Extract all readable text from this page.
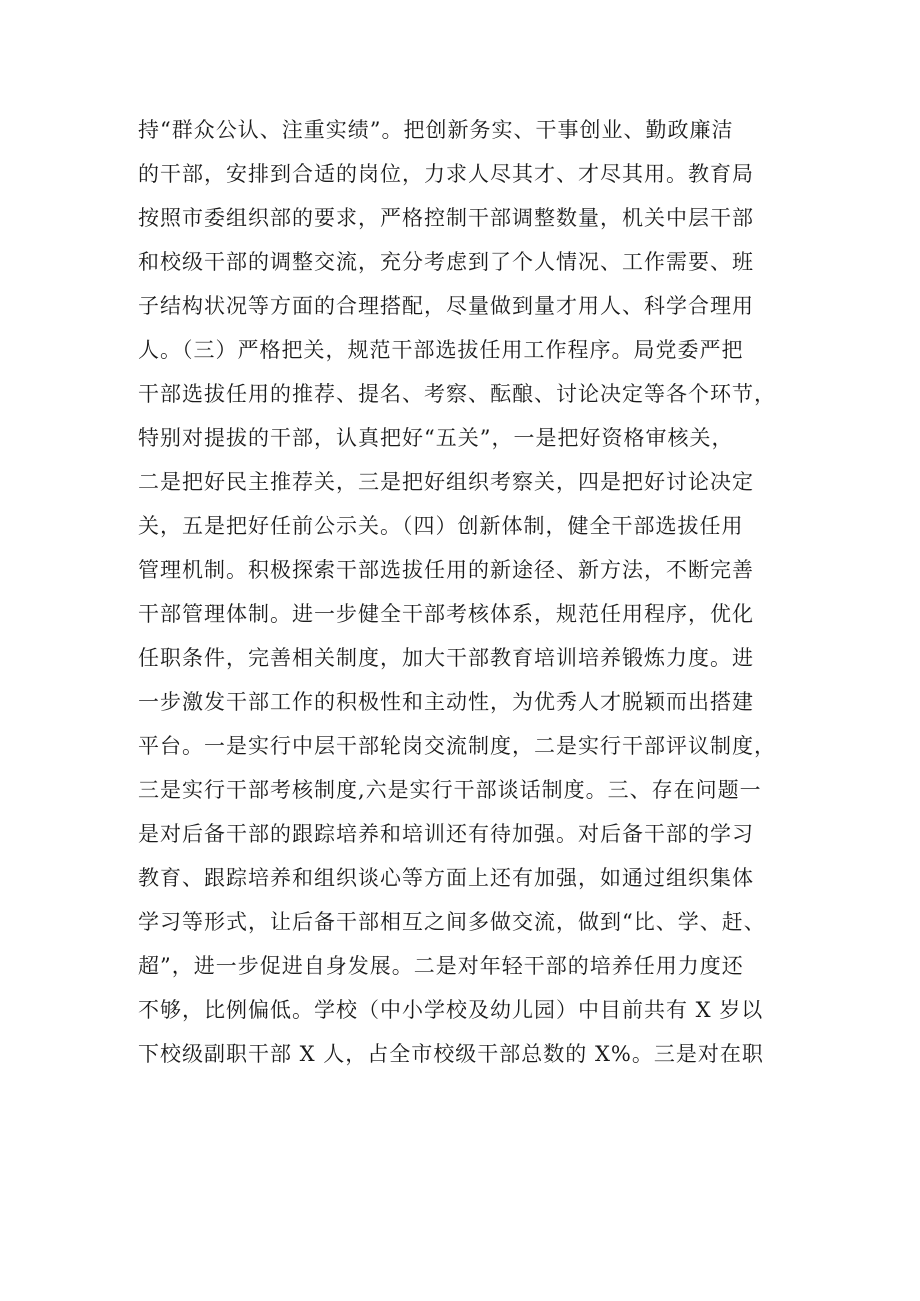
持“群众公认、注重实绩”。把创新务实、干事创业、勤政廉洁
的干部，安排到合适的岗位，力求人尽其才、才尽其用。教育局
按照市委组织部的要求，严格控制干部调整数量，机关中层干部
和校级干部的调整交流，充分考虑到了个人情况、工作需要、班
子结构状况等方面的合理搭配，尽量做到量才用人、科学合理用
人。（三）严格把关，规范干部选拔任用工作程序。局党委严把
干部选拔任用的推荐、提名、考察、酝酿、讨论决定等各个环节，
特别对提拔的干部，认真把好“五关”，一是把好资格审核关，
二是把好民主推荐关，三是把好组织考察关，四是把好讨论决定
关，五是把好任前公示关。（四）创新体制，健全干部选拔任用
管理机制。积极探索干部选拔任用的新途径、新方法，不断完善
干部管理体制。进一步健全干部考核体系，规范任用程序，优化
任职条件，完善相关制度，加大干部教育培训培养锻炼力度。进
一步激发干部工作的积极性和主动性，为优秀人才脱颖而出搭建
平台。一是实行中层干部轮岗交流制度，二是实行干部评议制度，
三是实行干部考核制度,六是实行干部谈话制度。三、存在问题一
是对后备干部的跟踪培养和培训还有待加强。对后备干部的学习
教育、跟踪培养和组织谈心等方面上还有加强，如通过组织集体
学习等形式，让后备干部相互之间多做交流，做到“比、学、赶、
超”，进一步促进自身发展。二是对年轻干部的培养任用力度还
不够，比例偏低。学校（中小学校及幼儿园）中目前共有 X 岁以
下校级副职干部 X 人，占全市校级干部总数的 X%。三是对在职
